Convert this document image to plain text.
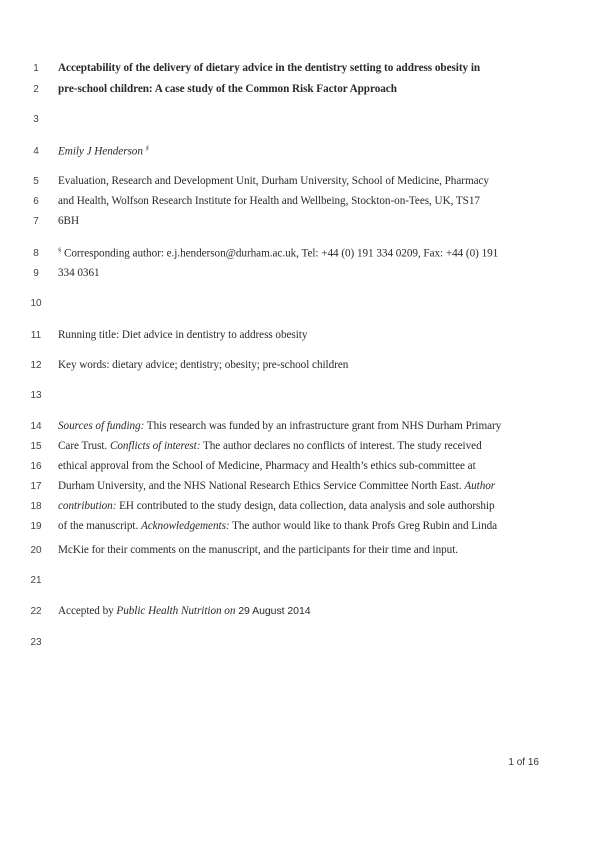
1
2
3
4
5
6
7
8
9
10
11
12
13
14
15
16
17
18
19
20
21
22
23
Acceptability of the delivery of dietary advice in the dentistry setting to address obesity in
pre-school children: A case study of the Common Risk Factor Approach
Emily J Henderson §
Evaluation, Research and Development Unit, Durham University, School of Medicine, Pharmacy
and Health, Wolfson Research Institute for Health and Wellbeing, Stockton-on-Tees, UK, TS17
6BH
§ Corresponding author: e.j.henderson@durham.ac.uk, Tel: +44 (0) 191 334 0209, Fax: +44 (0) 191
334 0361
Running title: Diet advice in dentistry to address obesity
Key words: dietary advice; dentistry; obesity; pre-school children
Sources of funding: This research was funded by an infrastructure grant from NHS Durham Primary
Care Trust. Conflicts of interest: The author declares no conflicts of interest. The study received
ethical approval from the School of Medicine, Pharmacy and Health’s ethics sub-committee at
Durham University, and the NHS National Research Ethics Service Committee North East. Author
contribution: EH contributed to the study design, data collection, data analysis and sole authorship
of the manuscript. Acknowledgements: The author would like to thank Profs Greg Rubin and Linda
McKie for their comments on the manuscript, and the participants for their time and input.
Accepted by Public Health Nutrition on 29 August 2014
1 of 16
